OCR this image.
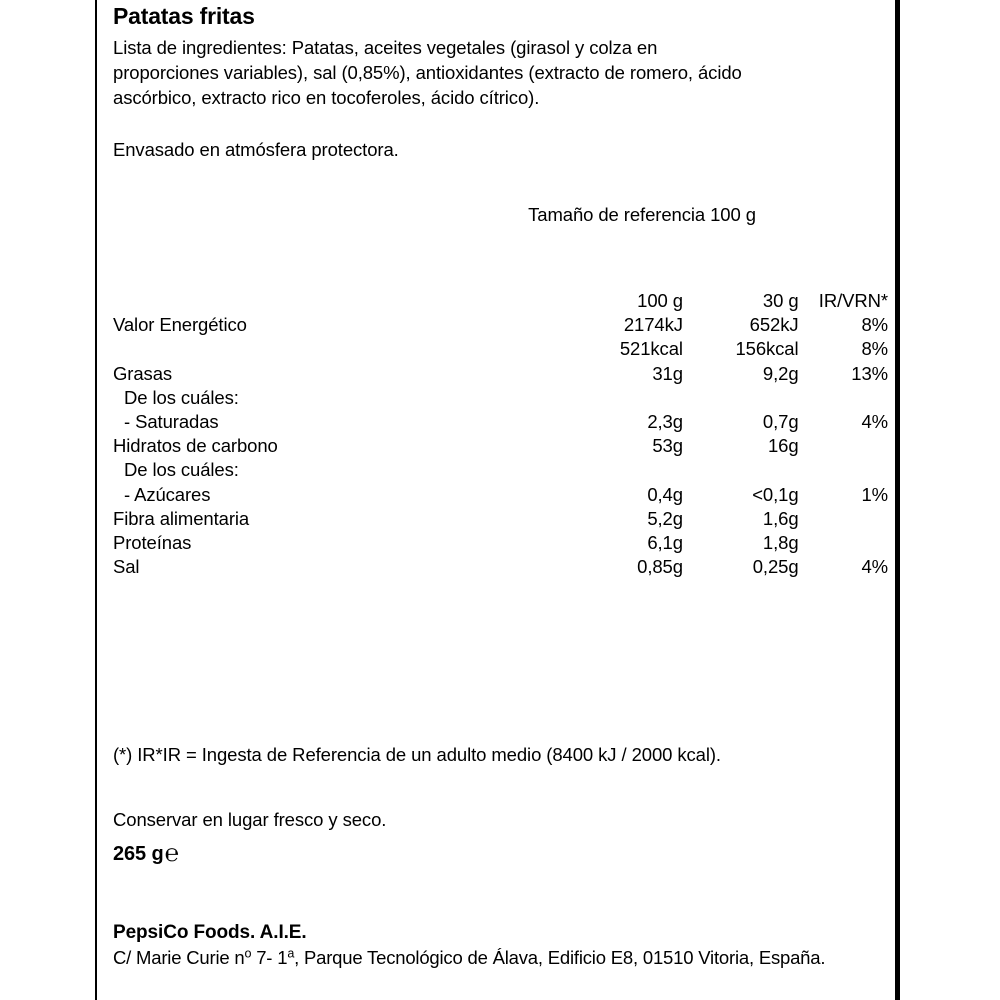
Patatas fritas

Lista de ingredientes: Patatas, aceites vegetales (girasol y colza en proporciones variables), sal (0,85%), antioxidantes (extracto de romero, ácido ascórbico, extracto rico en tocoferoles, ácido cítrico).

Envasado en atmósfera protectora.

Tamaño de referencia 100 g
	100 g	30 g	IR/VRN*
Valor Energético	2174kJ	652kJ	8%
	521kcal	156kcal	8%
Grasas	31g	9,2g	13%
De los cuáles:			
- Saturadas	2,3g	0,7g	4%
Hidratos de carbono	53g	16g	
De los cuáles:			
- Azúcares	0,4g	<0,1g	1%
Fibra alimentaria	5,2g	1,6g	
Proteínas	6,1g	1,8g	
Sal	0,85g	0,25g	4%

(*) IR*IR = Ingesta de Referencia de un adulto medio (8400 kJ / 2000 kcal).

Conservar en lugar fresco y seco.

265 g℮

PepsiCo Foods. A.I.E.

C/ Marie Curie $n^o$ 7- 1$^a$, Parque Tecnológico de Álava, Edificio E8, 01510 Vitoria, España.
